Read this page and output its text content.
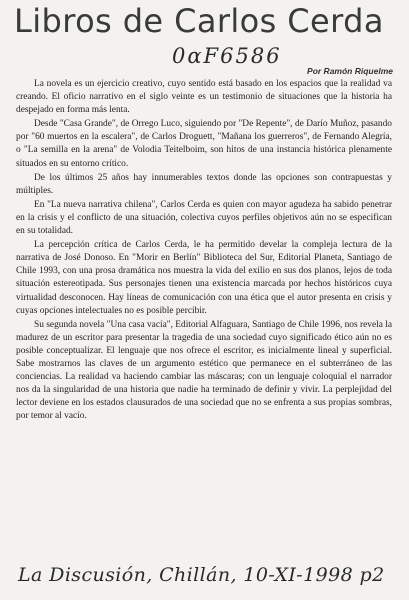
Libros de Carlos Cerda
0αF6586
Por Ramón Riquelme

La novela es un ejercicio creativo, cuyo sentido está basado en los espacios que la realidad va creando. El oficio narrativo en el siglo veinte es un testimonio de situaciones que la historia ha despejado en forma más lenta.

Desde "Casa Grande", de Orrego Luco, siguiendo por "De Repente", de Darío Muñoz, pasando por "60 muertos en la escalera", de Carlos Droguett, "Mañana los guerreros", de Fernando Alegría, o "La semilla en la arena" de Volodia Teitelboim, son hitos de una instancia histórica plenamente situados en su entorno crítico.

De los últimos 25 años hay innumerables textos donde las opciones son contrapuestas y múltiples.

En "La nueva narrativa chilena", Carlos Cerda es quien con mayor agudeza ha sabido penetrar en la crisis y el conflicto de una situación, colectiva cuyos perfiles objetivos aún no se especifican en su totalidad.

La percepción crítica de Carlos Cerda, le ha permitido develar la compleja lectura de la narrativa de José Donoso. En "Morir en Berlín" Biblioteca del Sur, Editorial Planeta, Santiago de Chile 1993, con una prosa dramática nos muestra la vida del exilio en sus dos planos, lejos de toda situación estereotipada. Sus personajes tienen una existencia marcada por hechos históricos cuya virtualidad desconocen. Hay líneas de comunicación con una ética que el autor presenta en crisis y cuyas opciones intelectuales no es posible percibir.

Su segunda novela "Una casa vacía", Editorial Alfaguara, Santiago de Chile 1996, nos revela la madurez de un escritor para presentar la tragedia de una sociedad cuyo significado ético aún no es posible conceptualizar. El lenguaje que nos ofrece el escritor, es inicialmente lineal y superficial. Sabe mostrarnos las claves de un argumento estético que permanece en el subterráneo de las conciencias. La realidad va haciendo cambiar las máscaras; con un lenguaje coloquial el narrador nos da la singularidad de una historia que nadie ha terminado de definir y vivir. La perplejidad del lector deviene en los estados clausurados de una sociedad que no se enfrenta a sus propias sombras, por temor al vacío.

La Discusión, Chillán, 10-XI-1998 p2
